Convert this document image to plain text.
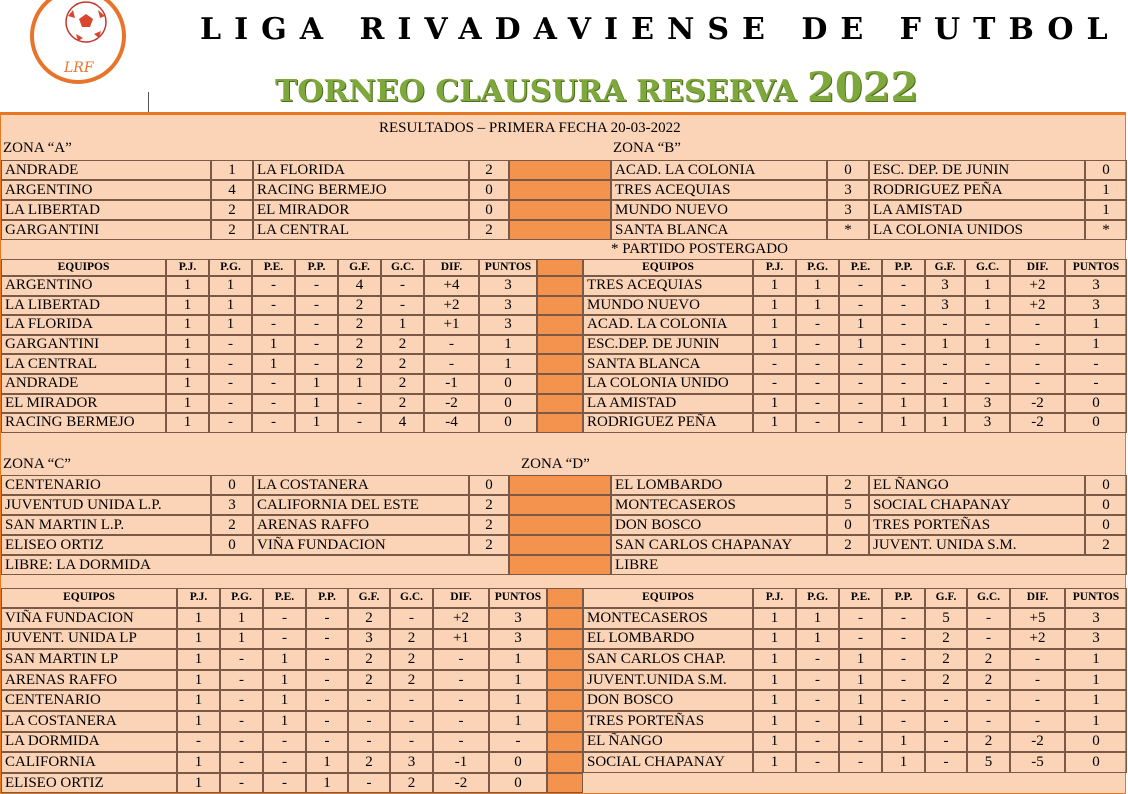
LRF
LIGA RIVADAVIENSE DE FUTBOL
TORNEO CLAUSURA RESERVA 2022
RESULTADOS – PRIMERA FECHA 20-03-2022
ZONA “A”	ZONA “B”
ANDRADE	1	LA FLORIDA	2
ARGENTINO	4	RACING BERMEJO	0
LA LIBERTAD	2	EL MIRADOR	0
GARGANTINI	2	LA CENTRAL	2
ACAD. LA COLONIA	0	ESC. DEP. DE JUNIN	0
TRES ACEQUIAS	3	RODRIGUEZ PEÑA	1
MUNDO NUEVO	3	LA AMISTAD	1
SANTA BLANCA	*	LA COLONIA UNIDOS	*
* PARTIDO POSTERGADO
EQUIPOS	P.J.	P.G.	P.E.	P.P.	G.F.	G.C.	DIF.	PUNTOS
ARGENTINO	1	1	-	-	4	-	+4	3
LA LIBERTAD	1	1	-	-	2	-	+2	3
LA FLORIDA	1	1	-	-	2	1	+1	3
GARGANTINI	1	-	1	-	2	2	-	1
LA CENTRAL	1	-	1	-	2	2	-	1
ANDRADE	1	-	-	1	1	2	-1	0
EL MIRADOR	1	-	-	1	-	2	-2	0
RACING BERMEJO	1	-	-	1	-	4	-4	0
EQUIPOS	P.J.	P.G.	P.E.	P.P.	G.F.	G.C.	DIF.	PUNTOS
TRES ACEQUIAS	1	1	-	-	3	1	+2	3
MUNDO NUEVO	1	1	-	-	3	1	+2	3
ACAD. LA COLONIA	1	-	1	-	-	-	-	1
ESC.DEP. DE JUNIN	1	-	1	-	1	1	-	1
SANTA BLANCA	-	-	-	-	-	-	-	-
LA COLONIA UNIDO	-	-	-	-	-	-	-	-
LA AMISTAD	1	-	-	1	1	3	-2	0
RODRIGUEZ PEÑA	1	-	-	1	1	3	-2	0
ZONA “C”	ZONA “D”
CENTENARIO	0	LA COSTANERA	0
JUVENTUD UNIDA L.P.	3	CALIFORNIA DEL ESTE	2
SAN MARTIN L.P.	2	ARENAS RAFFO	2
ELISEO ORTIZ	0	VIÑA FUNDACION	2
EL LOMBARDO	2	EL ÑANGO	0
MONTECASEROS	5	SOCIAL CHAPANAY	0
DON BOSCO	0	TRES PORTEÑAS	0
SAN CARLOS CHAPANAY	2	JUVENT. UNIDA S.M.	2
LIBRE: LA DORMIDA	LIBRE
EQUIPOS	P.J.	P.G.	P.E.	P.P.	G.F.	G.C.	DIF.	PUNTOS
VIÑA FUNDACION	1	1	-	-	2	-	+2	3
JUVENT. UNIDA LP	1	1	-	-	3	2	+1	3
SAN MARTIN LP	1	-	1	-	2	2	-	1
ARENAS RAFFO	1	-	1	-	2	2	-	1
CENTENARIO	1	-	1	-	-	-	-	1
LA COSTANERA	1	-	1	-	-	-	-	1
LA DORMIDA	-	-	-	-	-	-	-	-
CALIFORNIA	1	-	-	1	2	3	-1	0
ELISEO ORTIZ	1	-	-	1	-	2	-2	0
EQUIPOS	P.J.	P.G.	P.E.	P.P.	G.F.	G.C.	DIF.	PUNTOS
MONTECASEROS	1	1	-	-	5	-	+5	3
EL LOMBARDO	1	1	-	-	2	-	+2	3
SAN CARLOS CHAP.	1	-	1	-	2	2	-	1
JUVENT.UNIDA S.M.	1	-	1	-	2	2	-	1
DON BOSCO	1	-	1	-	-	-	-	1
TRES PORTEÑAS	1	-	1	-	-	-	-	1
EL ÑANGO	1	-	-	1	-	2	-2	0
SOCIAL CHAPANAY	1	-	-	1	-	5	-5	0
